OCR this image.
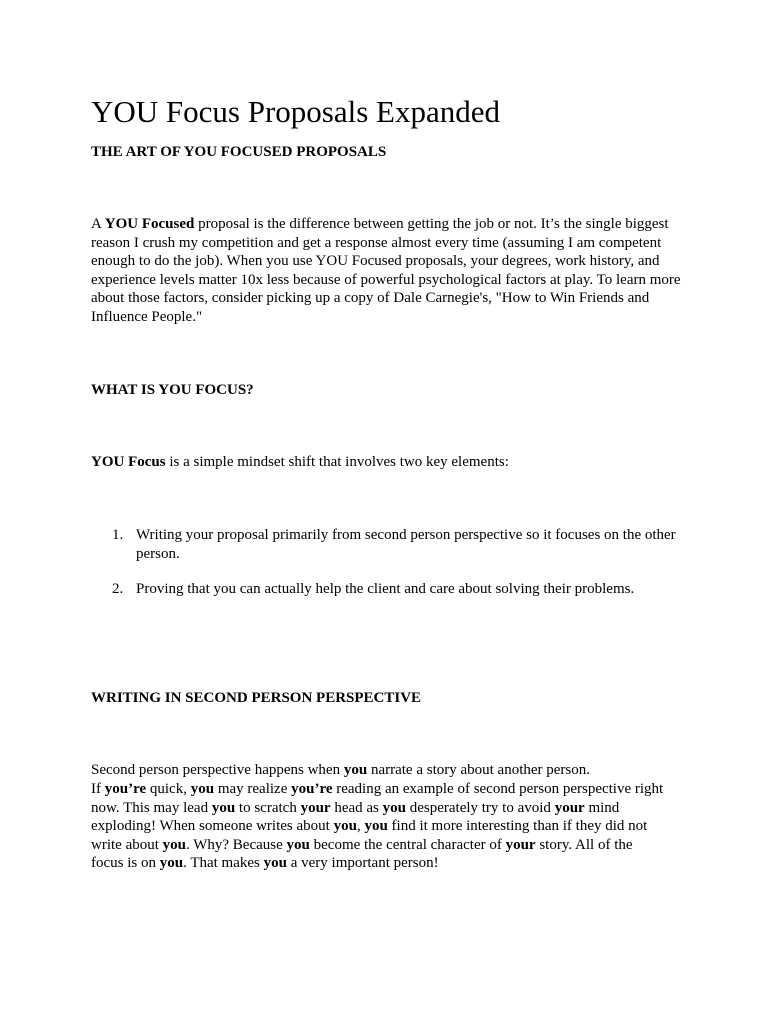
YOU Focus Proposals Expanded
THE ART OF YOU FOCUSED PROPOSALS

A YOU Focused proposal is the difference between getting the job or not. It’s the single biggest reason I crush my competition and get a response almost every time (assuming I am competent enough to do the job). When you use YOU Focused proposals, your degrees, work history, and experience levels matter 10x less because of powerful psychological factors at play. To learn more about those factors, consider picking up a copy of Dale Carnegie's, "How to Win Friends and Influence People."

WHAT IS YOU FOCUS?

YOU Focus is a simple mindset shift that involves two key elements:

1. Writing your proposal primarily from second person perspective so it focuses on the other person.
2. Proving that you can actually help the client and care about solving their problems.
WRITING IN SECOND PERSON PERSPECTIVE

Second person perspective happens when you narrate a story about another person.

If you’re quick, you may realize you’re reading an example of second person perspective right now. This may lead you to scratch your head as you desperately try to avoid your mind exploding! When someone writes about you, you find it more interesting than if they did not write about you. Why? Because you become the central character of your story. All of the focus is on you. That makes you a very important person!
